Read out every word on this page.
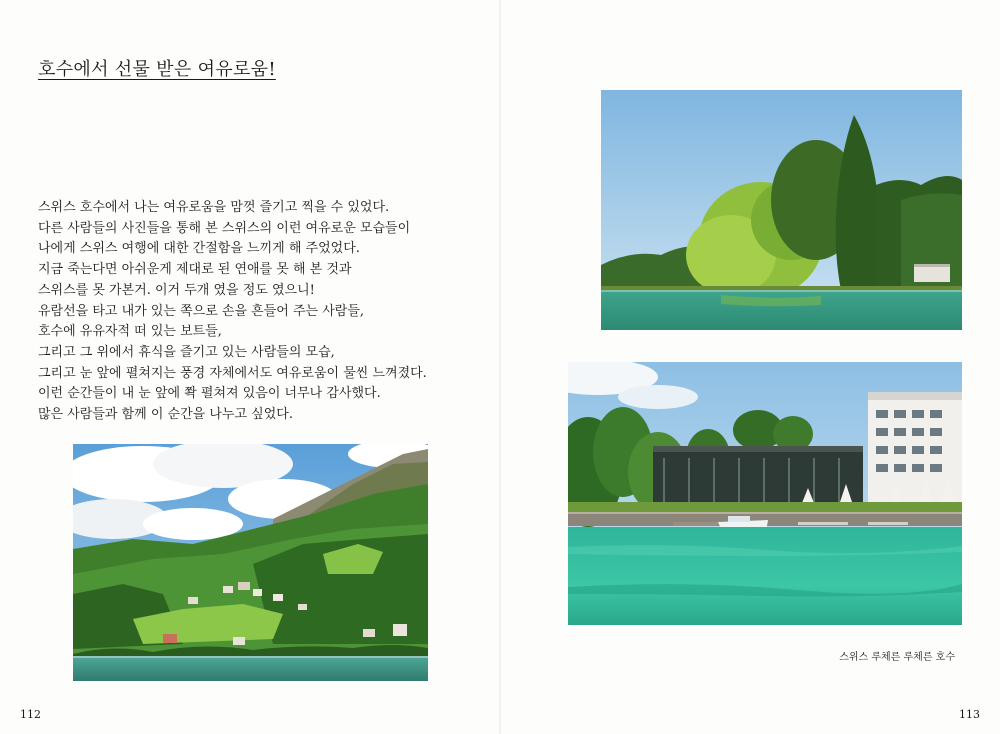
호수에서 선물 받은 여유로움!

스위스 호수에서 나는 여유로움을 맘껏 즐기고 찍을 수 있었다.

다른 사람들의 사진들을 통해 본 스위스의 이런 여유로운 모습들이

나에게 스위스 여행에 대한 간절함을 느끼게 해 주었었다.

지금 죽는다면 아쉬운게 제대로 된 연애를 못 해 본 것과

스위스를 못 가본거. 이거 두개 였을 정도 였으니!

유람선을 타고 내가 있는 쪽으로 손을 흔들어 주는 사람들,

호수에 유유자적 떠 있는 보트들,

그리고 그 위에서 휴식을 즐기고 있는 사람들의 모습,

그리고 눈 앞에 펼쳐지는 풍경 자체에서도 여유로움이 물씬 느껴졌다.

이런 순간들이 내 눈 앞에 쫙 펼쳐져 있음이 너무나 감사했다.

많은 사람들과 함께 이 순간을 나누고 싶었다.

112
스위스 루체른 루체른 호수
113
